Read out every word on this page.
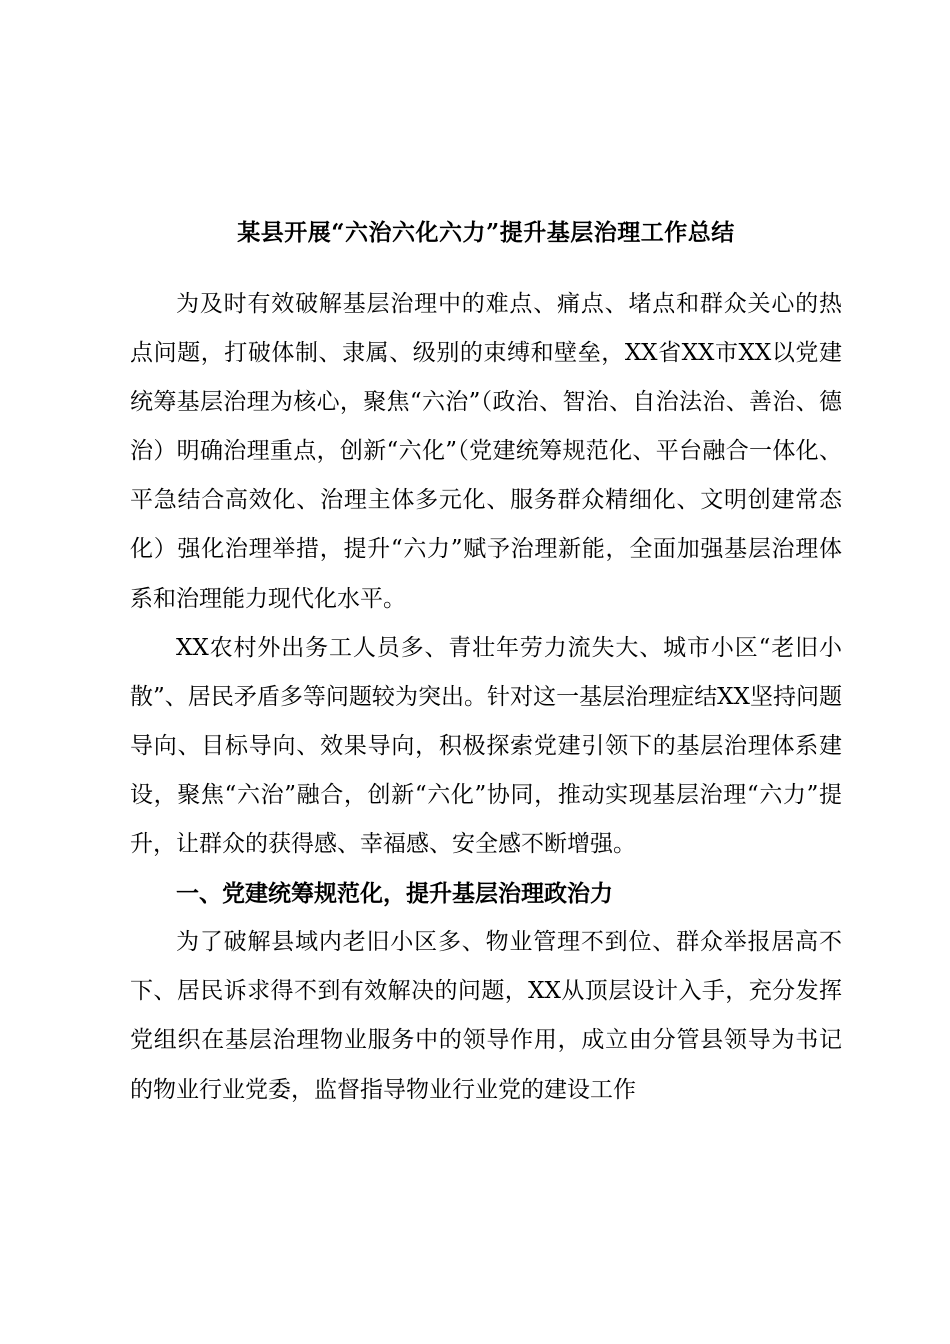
某县开展“六治六化六力”提升基层治理工作总结

为及时有效破解基层治理中的难点、痛点、堵点和群众关心的热点问题，打破体制、隶属、级别的束缚和壁垒，XX省XX市XX以党建统筹基层治理为核心，聚焦“六治”（政治、智治、自治法治、善治、德治）明确治理重点，创新“六化”（党建统筹规范化、平台融合一体化、平急结合高效化、治理主体多元化、服务群众精细化、文明创建常态化）强化治理举措，提升“六力”赋予治理新能，全面加强基层治理体系和治理能力现代化水平。

XX农村外出务工人员多、青壮年劳力流失大、城市小区“老旧小散”、居民矛盾多等问题较为突出。针对这一基层治理症结XX坚持问题导向、目标导向、效果导向，积极探索党建引领下的基层治理体系建设，聚焦“六治”融合，创新“六化”协同，推动实现基层治理“六力”提升，让群众的获得感、幸福感、安全感不断增强。

一、党建统筹规范化，提升基层治理政治力

为了破解县域内老旧小区多、物业管理不到位、群众举报居高不下、居民诉求得不到有效解决的问题，XX从顶层设计入手，充分发挥党组织在基层治理物业服务中的领导作用，成立由分管县领导为书记的物业行业党委，监督指导物业行业党的建设工作
